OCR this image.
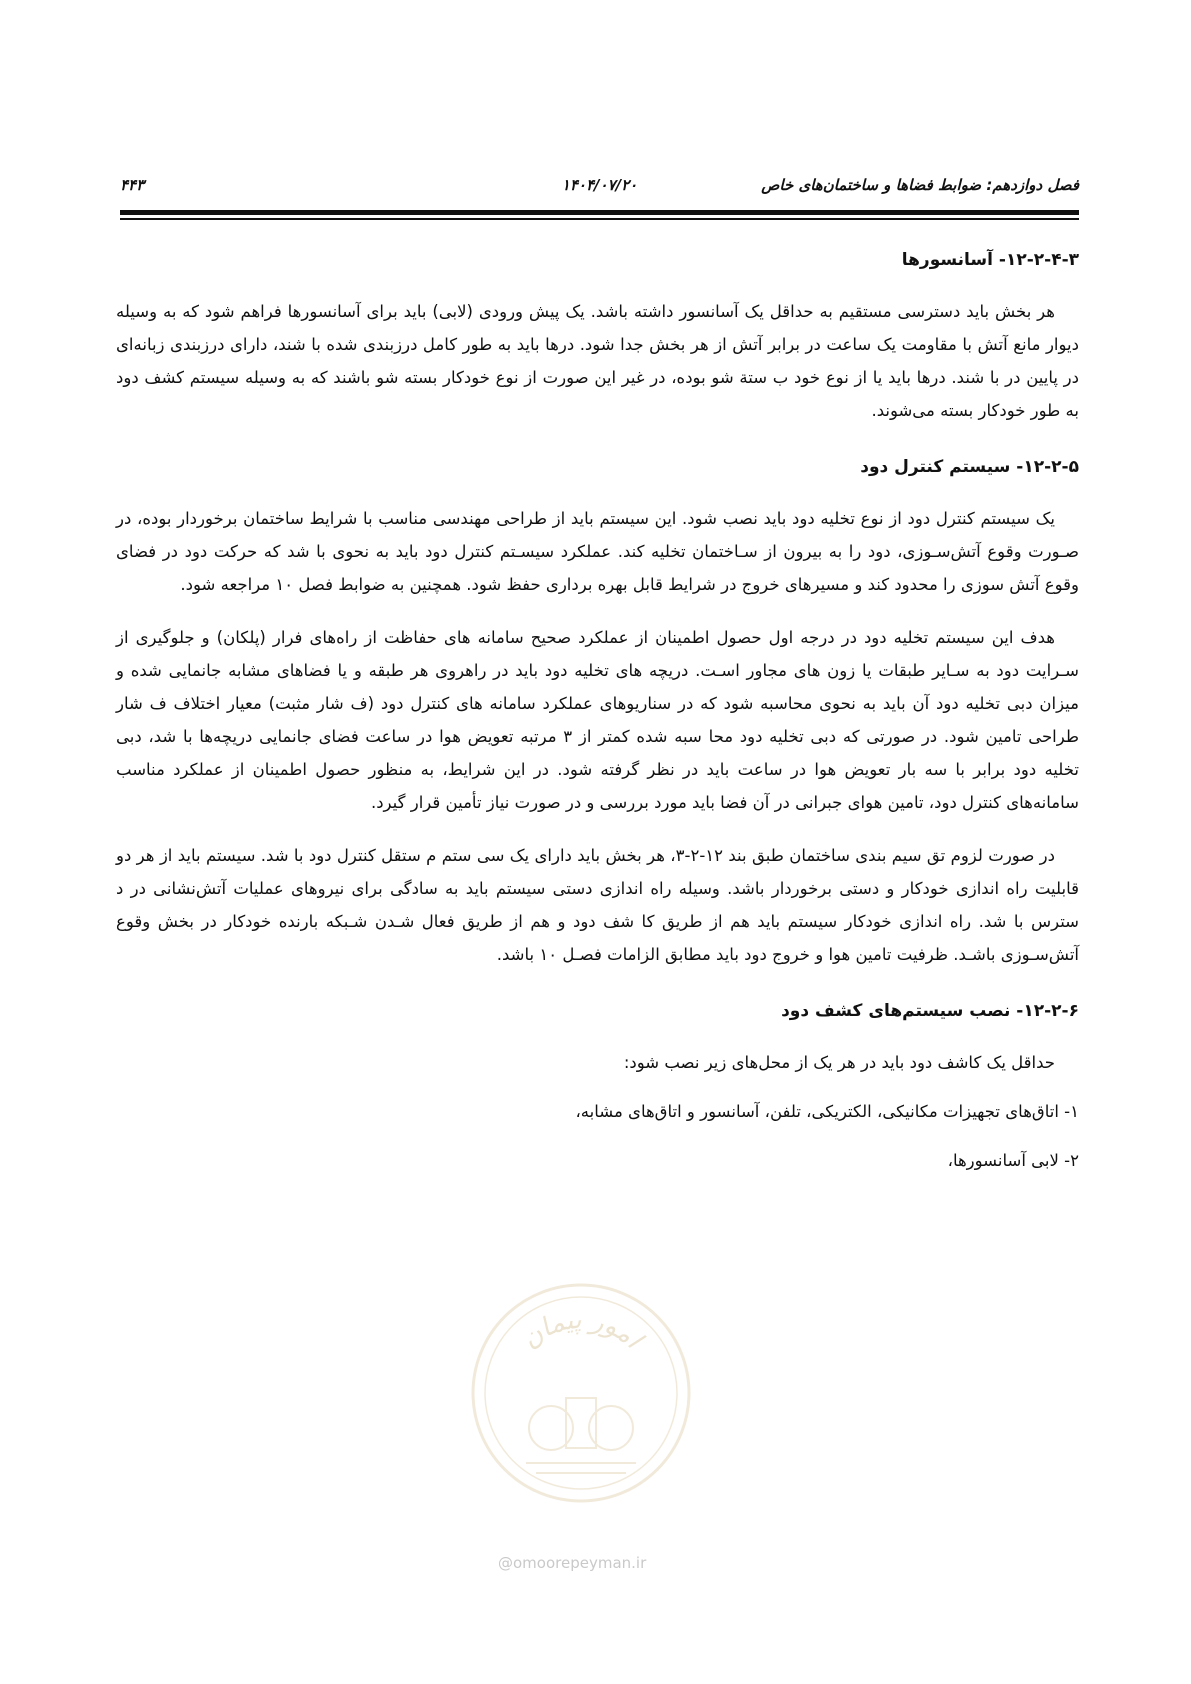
فصل دوازدهم: ضوابط فضاها و ساختمان‌های خاص
۱۴۰۴/۰۷/۲۰
۴۴۳
۱۲-۲-۴-۳- آسانسورها

هر بخش باید دسترسی مستقیم به حداقل یک آسانسور داشته باشد. یک پیش ورودی (لابی) باید برای آسانسورها فراهم شود که به وسیله دیوار مانع آتش با مقاومت یک ساعت در برابر آتش از هر بخش جدا شود. درها باید به طور کامل درزبندی شده با شند، دارای درزبندی زبانه‌ای در پایین در با شند. درها باید یا از نوع خود ب ستة شو بوده، در غیر این صورت از نوع خودکار بسته شو باشند که به وسیله سیستم کشف دود به طور خودکار بسته می‌شوند.

۱۲-۲-۵- سیستم کنترل دود

یک سیستم کنترل دود از نوع تخلیه دود باید نصب شود. این سیستم باید از طراحی مهندسی مناسب با شرایط ساختمان برخوردار بوده، در صـورت وقوع آتش‌سـوزی، دود را به بیرون از سـاختمان تخلیه کند. عملکرد سیسـتم کنترل دود باید به نحوی با شد که حرکت دود در فضای وقوع آتش سوزی را محدود کند و مسیرهای خروج در شرایط قابل بهره برداری حفظ شود. همچنین به ضوابط فصل ۱۰ مراجعه شود.

هدف این سیستم تخلیه دود در درجه اول حصول اطمینان از عملکرد صحیح سامانه های حفاظت از راه‌های فرار (پلکان) و جلوگیری از سـرایت دود به سـایر طبقات یا زون های مجاور اسـت. دریچه های تخلیه دود باید در راهروی هر طبقه و یا فضاهای مشابه جانمایی شده و میزان دبی تخلیه دود آن باید به نحوی محاسبه شود که در سناریوهای عملکرد سامانه های کنترل دود (ف شار مثبت) معیار اختلاف ف شار طراحی تامین شود. در صورتی که دبی تخلیه دود محا سبه شده کمتر از ۳ مرتبه تعویض هوا در ساعت فضای جانمایی دریچه‌ها با شد، دبی تخلیه دود برابر با سه بار تعویض هوا در ساعت باید در نظر گرفته شود. در این شرایط، به منظور حصول اطمینان از عملکرد مناسب سامانه‌های کنترل دود، تامین هوای جبرانی در آن فضا باید مورد بررسی و در صورت نیاز تأمین قرار گیرد.

در صورت لزوم تق سیم بندی ساختمان طبق بند ۱۲-۲-۳، هر بخش باید دارای یک سی ستم م ستقل کنترل دود با شد. سیستم باید از هر دو قابلیت راه اندازی خودکار و دستی برخوردار باشد. وسیله راه اندازی دستی سیستم باید به سادگی برای نیروهای عملیات آتش‌نشانی در د سترس با شد. راه اندازی خودکار سیستم باید هم از طریق کا شف دود و هم از طریق فعال شـدن شـبکه بارنده خودکار در بخش وقوع آتش‌سـوزی باشـد. ظرفیت تامین هوا و خروج دود باید مطابق الزامات فصـل ۱۰ باشد.

۱۲-۲-۶- نصب سیستم‌های کشف دود

حداقل یک کاشف دود باید در هر یک از محل‌های زیر نصب شود:

۱- اتاق‌های تجهیزات مکانیکی، الکتریکی، تلفن، آسانسور و اتاق‌های مشابه،
۲- لابی آسانسورها،
امور پیمان
@omoorepeyman.ir
